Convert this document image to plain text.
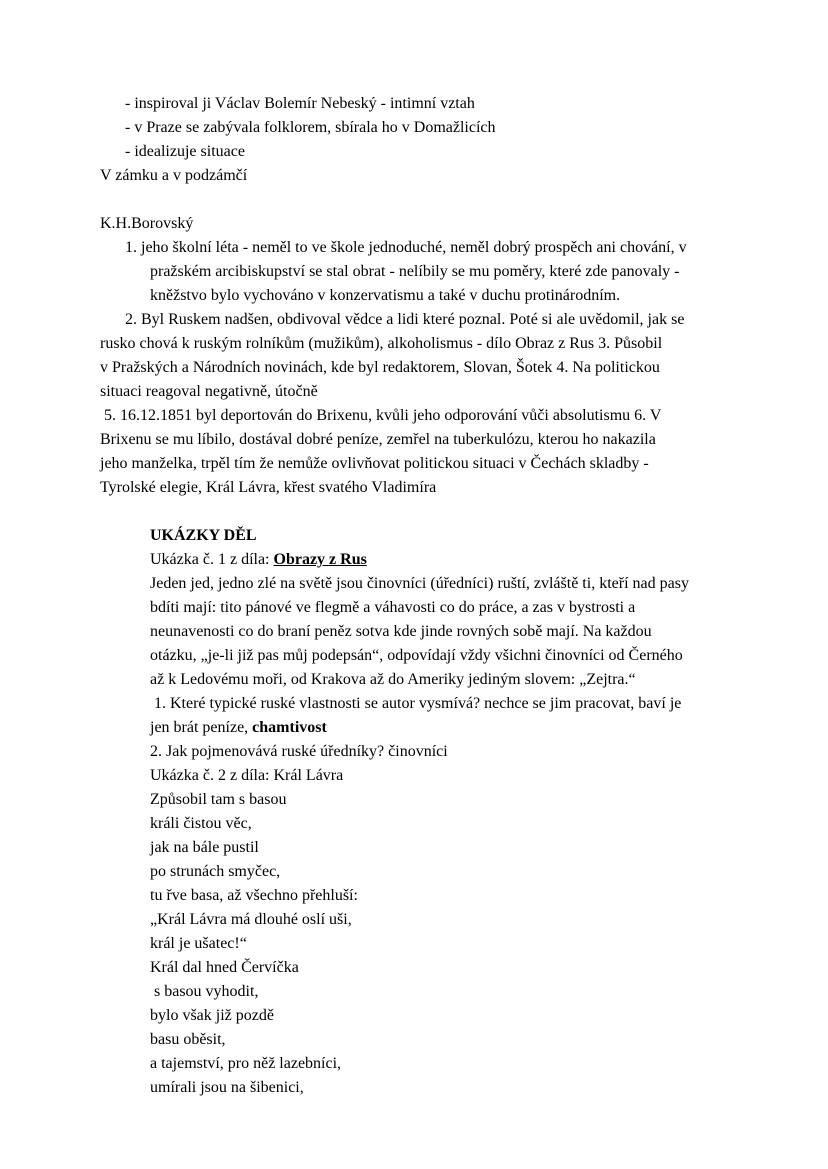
- inspiroval ji Václav Bolemír Nebeský - intimní vztah
- v Praze se zabývala folklorem, sbírala ho v Domažlicích
- idealizuje situace
V zámku a v podzámčí

K.H.Borovský
1. jeho školní léta - neměl to ve škole jednoduché, neměl dobrý prospěch ani chování, v
pražském arcibiskupství se stal obrat - nelíbily se mu poměry, které zde panovaly -
kněžstvo bylo vychováno v konzervatismu a také v duchu protinárodním.
2. Byl Ruskem nadšen, obdivoval vědce a lidi které poznal. Poté si ale uvědomil, jak se
rusko chová k ruským rolníkům (mužikům), alkoholismus - dílo Obraz z Rus 3. Působil
v Pražských a Národních novinách, kde byl redaktorem, Slovan, Šotek 4. Na politickou
situaci reagoval negativně, útočně
5. 16.12.1851 byl deportován do Brixenu, kvůli jeho odporování vůči absolutismu 6. V
Brixenu se mu líbilo, dostával dobré peníze, zemřel na tuberkulózu, kterou ho nakazila
jeho manželka, trpěl tím že nemůže ovlivňovat politickou situaci v Čechách skladby -
Tyrolské elegie, Král Lávra, křest svatého Vladimíra

UKÁZKY DĚL
Ukázka č. 1 z díla: Obrazy z Rus
Jeden jed, jedno zlé na světě jsou činovníci (úředníci) ruští, zvláště ti, kteří nad pasy
bdíti mají: tito pánové ve flegmě a váhavosti co do práce, a zas v bystrosti a
neunavenosti co do braní peněz sotva kde jinde rovných sobě mají. Na každou
otázku, „je-li již pas můj podepsán“, odpovídají vždy všichni činovníci od Černého
až k Ledovému moři, od Krakova až do Ameriky jediným slovem: „Zejtra.“
1. Které typické ruské vlastnosti se autor vysmívá? nechce se jim pracovat, baví je
jen brát peníze, chamtivost
2. Jak pojmenovává ruské úředníky? činovníci
Ukázka č. 2 z díla: Král Lávra
Způsobil tam s basou
králi čistou věc,
jak na bále pustil
po strunách smyčec,
tu řve basa, až všechno přehluší:
„Král Lávra má dlouhé oslí uši,
král je ušatec!“
Král dal hned Červíčka
s basou vyhodit,
bylo však již pozdě
basu oběsit,
a tajemství, pro něž lazebníci,
umírali jsou na šibenici,
